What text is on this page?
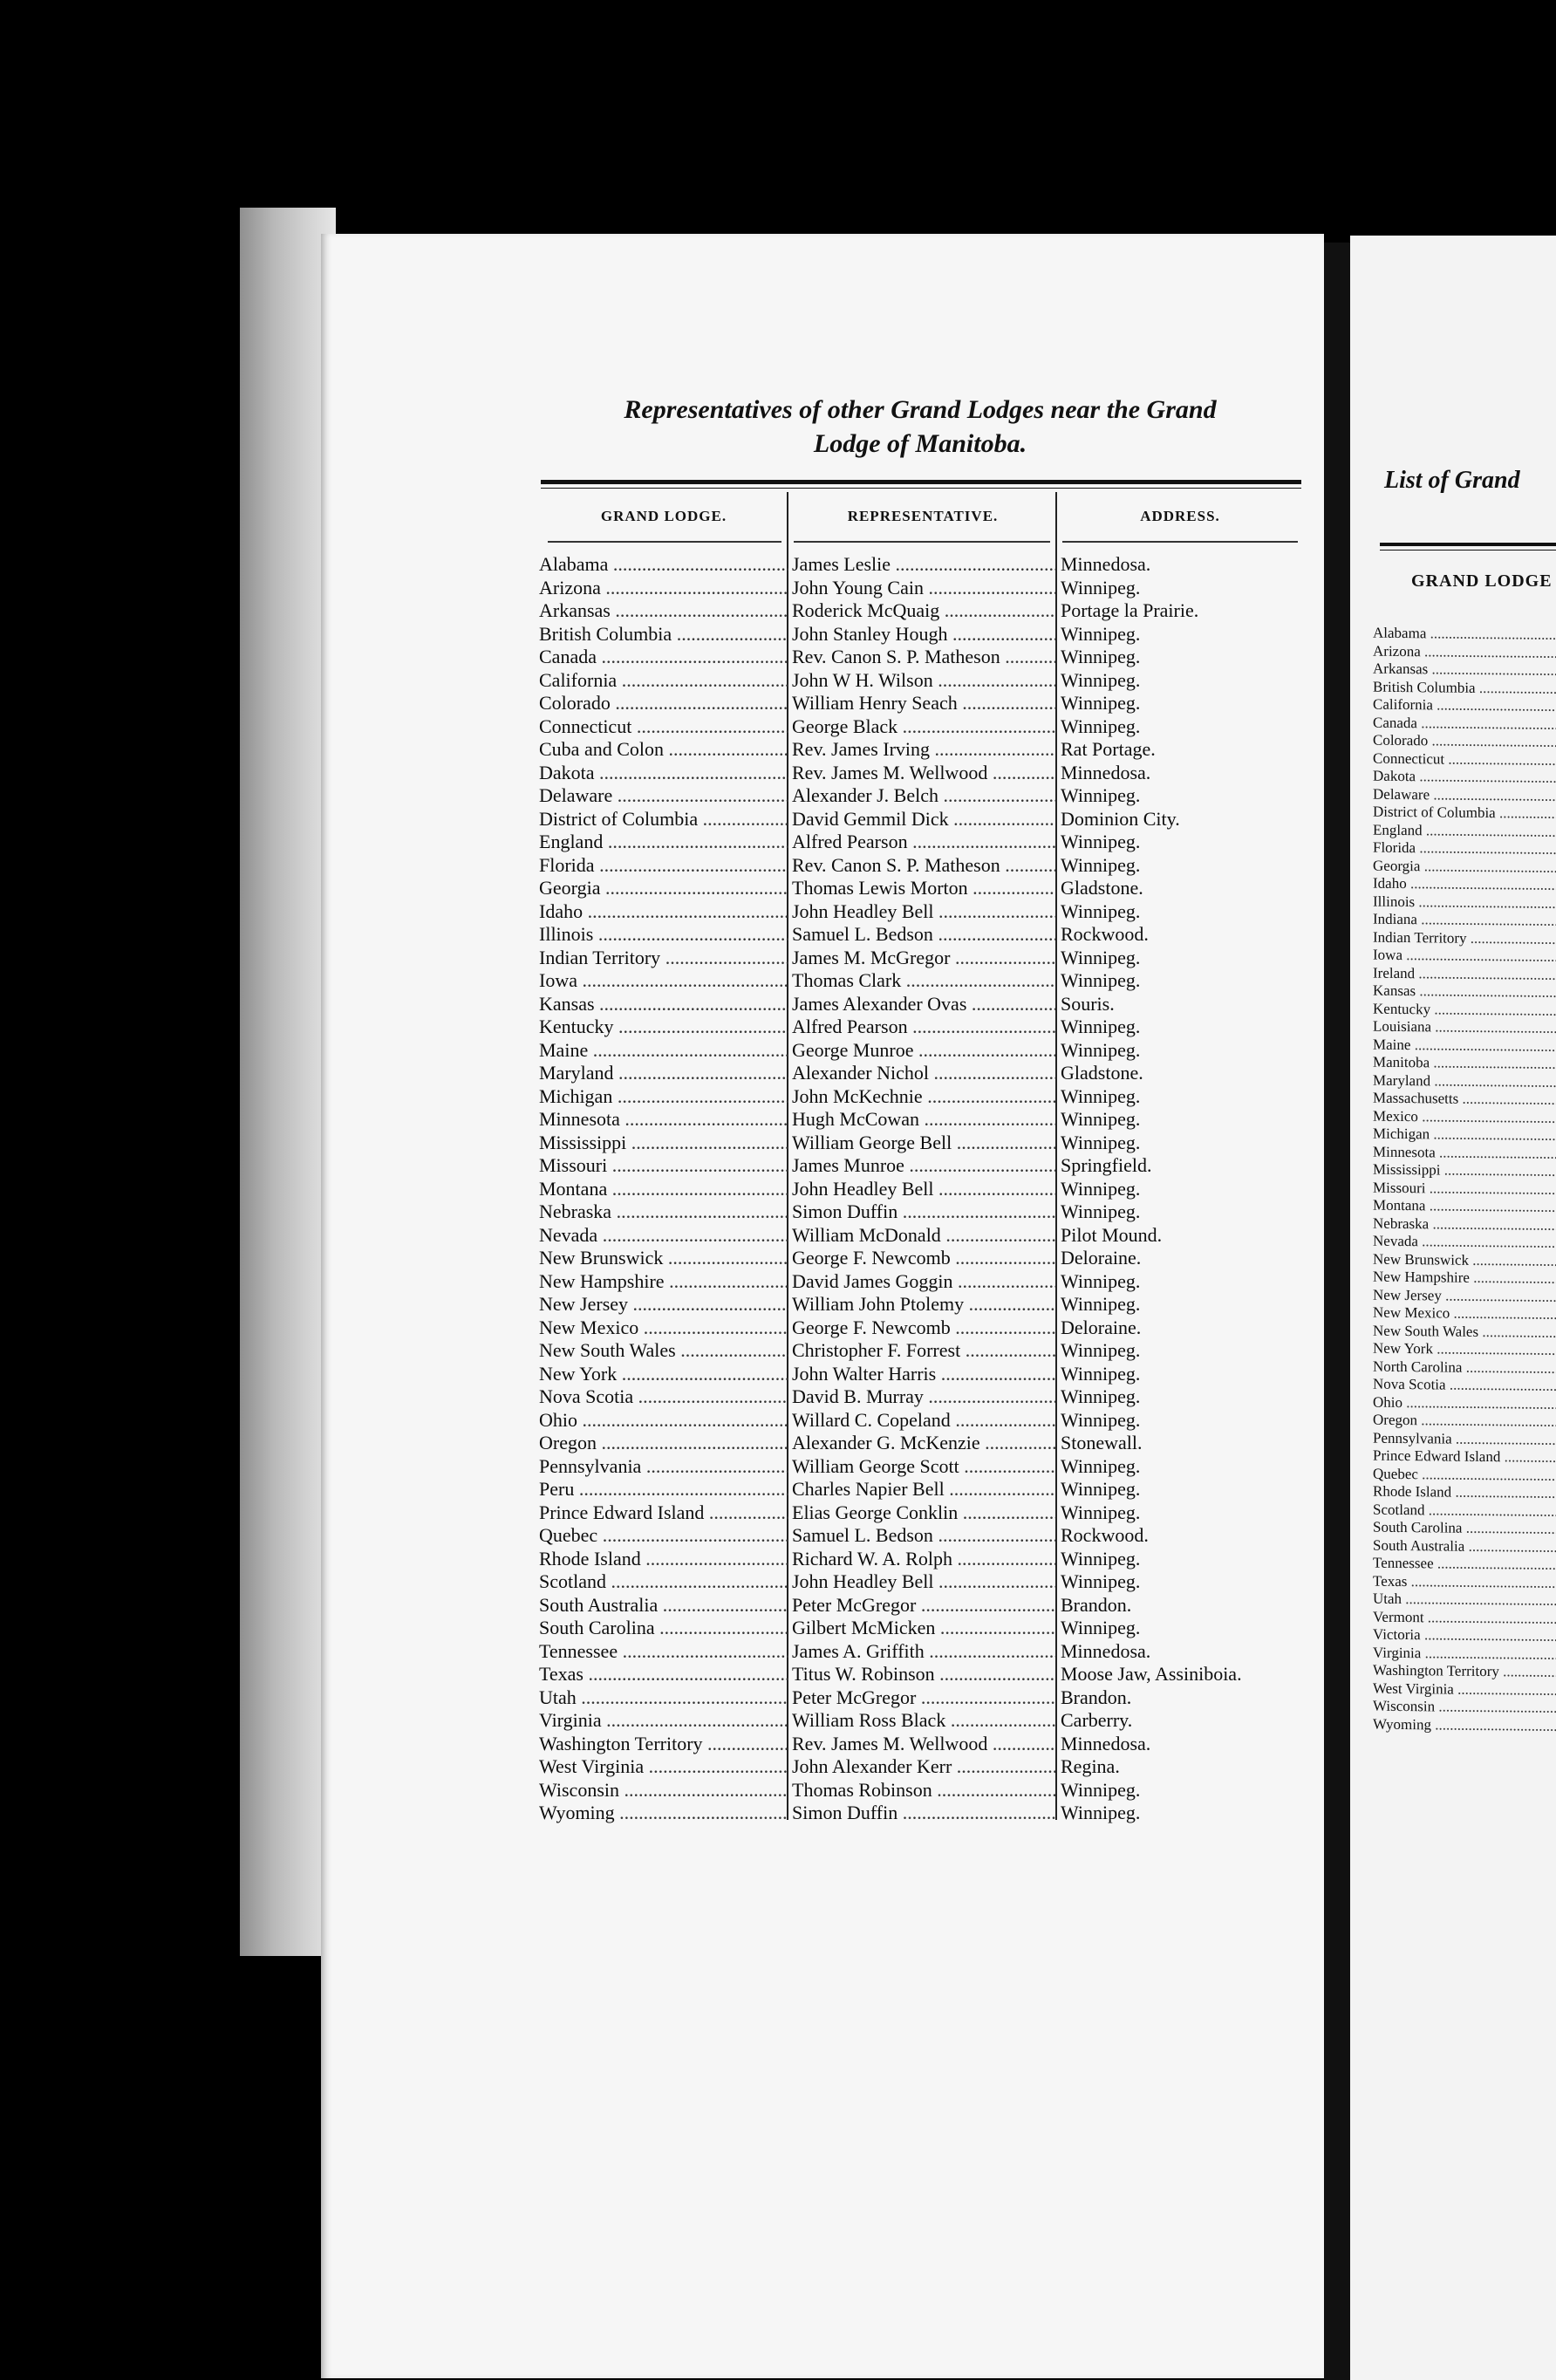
Representatives of other Grand Lodges near the Grand
Lodge of Manitoba.
GRAND LODGE.	REPRESENTATIVE.	ADDRESS.
Alabama .....
Arizona .....
Arkansas .....
British Columbia .....
Canada .....
California .....
Colorado .....
Connecticut .....
Cuba and Colon .....
Dakota .....
Delaware .....
District of Columbia .....
England .....
Florida .....
Georgia .....
Idaho .....
Illinois .....
Indian Territory .....
Iowa .....
Kansas .....
Kentucky .....
Maine .....
Maryland .....
Michigan .....
Minnesota .....
Mississippi .....
Missouri .....
Montana .....
Nebraska .....
Nevada .....
New Brunswick .....
New Hampshire .....
New Jersey .....
New Mexico .....
New South Wales .....
New York .....
Nova Scotia .....
Ohio .....
Oregon .....
Pennsylvania .....
Peru .....
Prince Edward Island .....
Quebec .....
Rhode Island .....
Scotland .....
South Australia .....
South Carolina .....
Tennessee .....
Texas .....
Utah .....
Virginia .....
Washington Territory .....
West Virginia .....
Wisconsin .....
Wyoming .....
James Leslie .....
John Young Cain .....
Roderick McQuaig .....
John Stanley Hough .....
Rev. Canon S. P. Matheson .....
John W H. Wilson .....
William Henry Seach .....
George Black .....
Rev. James Irving .....
Rev. James M. Wellwood .....
Alexander J. Belch .....
David Gemmil Dick .....
Alfred Pearson .....
Rev. Canon S. P. Matheson .....
Thomas Lewis Morton .....
John Headley Bell .....
Samuel L. Bedson .....
James M. McGregor .....
Thomas Clark .....
James Alexander Ovas .....
Alfred Pearson .....
George Munroe .....
Alexander Nichol .....
John McKechnie .....
Hugh McCowan .....
William George Bell .....
James Munroe .....
John Headley Bell .....
Simon Duffin .....
William McDonald .....
George F. Newcomb .....
David James Goggin .....
William John Ptolemy .....
George F. Newcomb .....
Christopher F. Forrest .....
John Walter Harris .....
David B. Murray .....
Willard C. Copeland .....
Alexander G. McKenzie .....
William George Scott .....
Charles Napier Bell .....
Elias George Conklin .....
Samuel L. Bedson .....
Richard W. A. Rolph .....
John Headley Bell .....
Peter McGregor .....
Gilbert McMicken .....
James A. Griffith .....
Titus W. Robinson .....
Peter McGregor .....
William Ross Black .....
Rev. James M. Wellwood .....
John Alexander Kerr .....
Thomas Robinson .....
Simon Duffin .....
Minnedosa.
Winnipeg.
Portage la Prairie.
Winnipeg.
Winnipeg.
Winnipeg.
Winnipeg.
Winnipeg.
Rat Portage.
Minnedosa.
Winnipeg.
Dominion City.
Winnipeg.
Winnipeg.
Gladstone.
Winnipeg.
Rockwood.
Winnipeg.
Winnipeg.
Souris.
Winnipeg.
Winnipeg.
Gladstone.
Winnipeg.
Winnipeg.
Winnipeg.
Springfield.
Winnipeg.
Winnipeg.
Pilot Mound.
Deloraine.
Winnipeg.
Winnipeg.
Deloraine.
Winnipeg.
Winnipeg.
Winnipeg.
Winnipeg.
Stonewall.
Winnipeg.
Winnipeg.
Winnipeg.
Rockwood.
Winnipeg.
Winnipeg.
Brandon.
Winnipeg.
Minnedosa.
Moose Jaw, Assiniboia.
Brandon.
Carberry.
Minnedosa.
Regina.
Winnipeg.
Winnipeg.
List of Grand
GRAND LODGE
Alabama .....
Arizona .....
Arkansas .....
British Columbia .....
California .....
Canada .....
Colorado .....
Connecticut .....
Dakota .....
Delaware .....
District of Columbia .....
England .....
Florida .....
Georgia .....
Idaho .....
Illinois .....
Indiana .....
Indian Territory .....
Iowa .....
Ireland .....
Kansas .....
Kentucky .....
Louisiana .....
Maine .....
Manitoba .....
Maryland .....
Massachusetts .....
Mexico .....
Michigan .....
Minnesota .....
Mississippi .....
Missouri .....
Montana .....
Nebraska .....
Nevada .....
New Brunswick .....
New Hampshire .....
New Jersey .....
New Mexico .....
New South Wales .....
New York .....
North Carolina .....
Nova Scotia .....
Ohio .....
Oregon .....
Pennsylvania .....
Prince Edward Island .....
Quebec .....
Rhode Island .....
Scotland .....
South Carolina .....
South Australia .....
Tennessee .....
Texas .....
Utah .....
Vermont .....
Victoria .....
Virginia .....
Washington Territory .....
West Virginia .....
Wisconsin .....
Wyoming .....
